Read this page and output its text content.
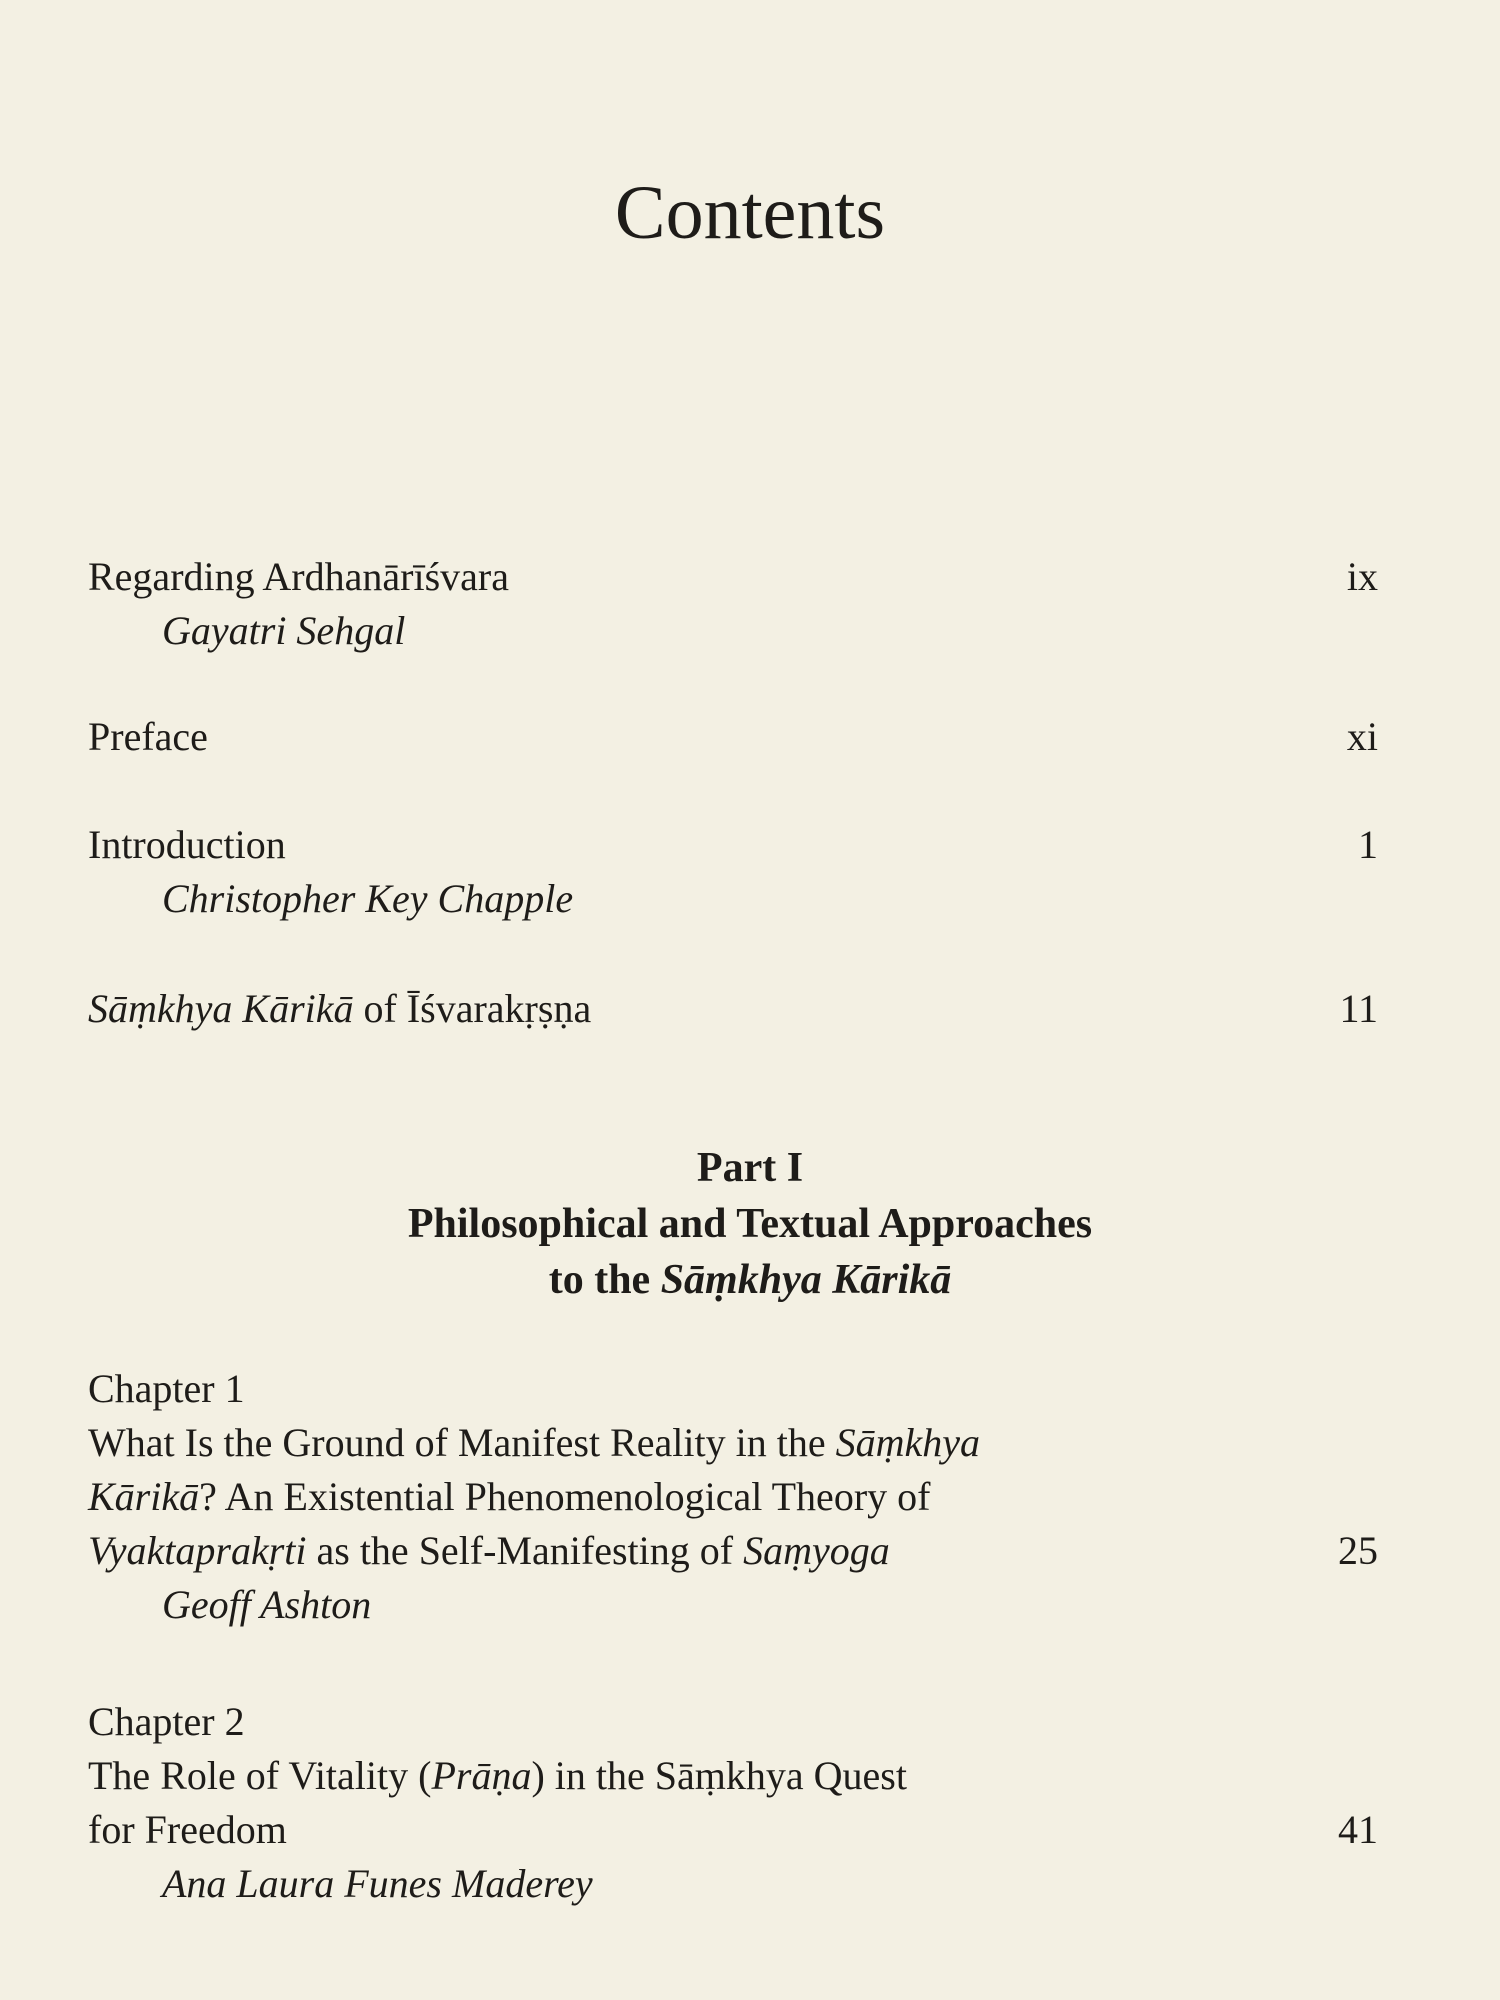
Contents
Regarding Ardhanārīśvara
Gayatri Sehgal
ix
Preface	xi
Introduction
Christopher Key Chapple
1
Sāṃkhya Kārikā of Īśvarakṛṣṇa	11
Part I
Philosophical and Textual Approaches
to the Sāṃkhya Kārikā
Chapter 1
What Is the Ground of Manifest Reality in the Sāṃkhya
Kārikā? An Existential Phenomenological Theory of
Vyaktaprakṛti as the Self-Manifesting of Saṃyoga
Geoff Ashton
25
Chapter 2
The Role of Vitality (Prāṇa) in the Sāṃkhya Quest
for Freedom
Ana Laura Funes Maderey
41
